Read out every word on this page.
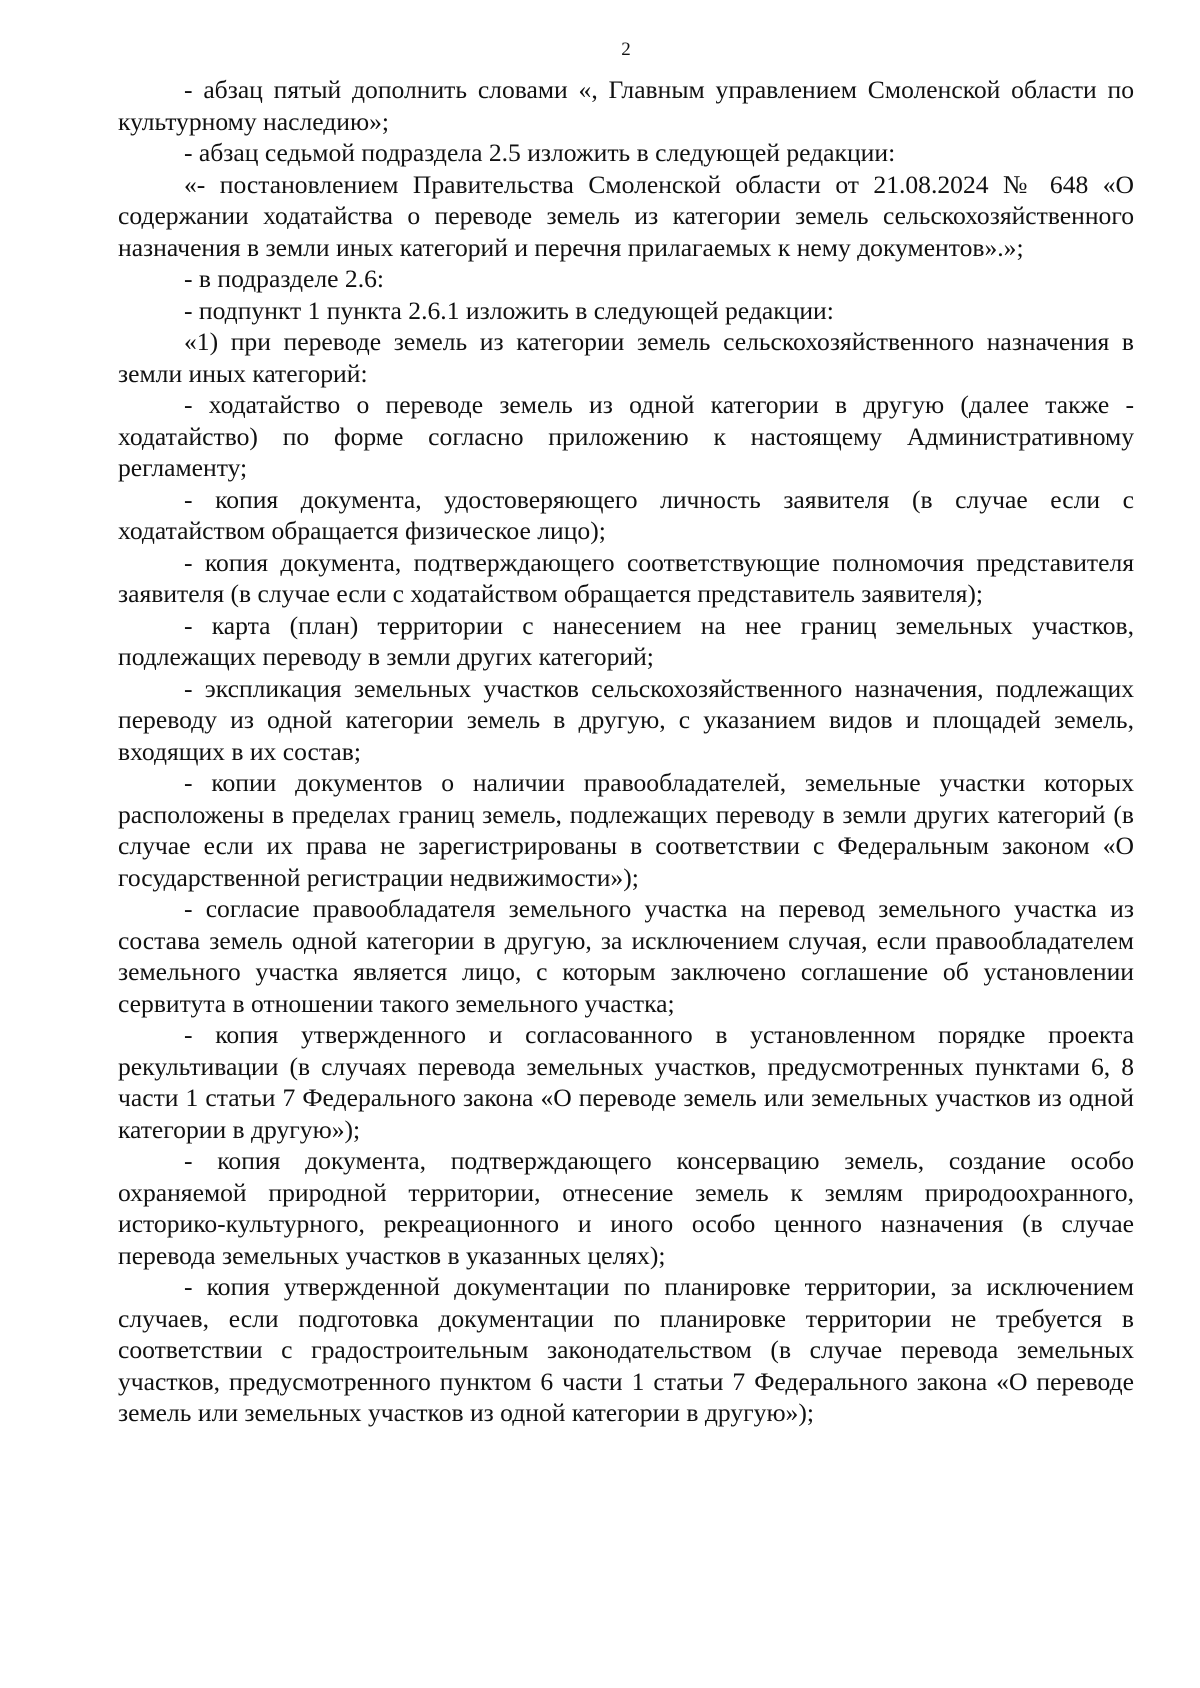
2

- абзац пятый дополнить словами «, Главным управлением Смоленской области по культурному наследию»;

- абзац седьмой подраздела 2.5 изложить в следующей редакции:

«- постановлением Правительства Смоленской области от 21.08.2024 № 648 «О содержании ходатайства о переводе земель из категории земель сельскохозяйственного назначения в земли иных категорий и перечня прилагаемых к нему документов».»;

- в подразделе 2.6:

- подпункт 1 пункта 2.6.1 изложить в следующей редакции:

«1) при переводе земель из категории земель сельскохозяйственного назначения в земли иных категорий:

- ходатайство о переводе земель из одной категории в другую (далее также - ходатайство) по форме согласно приложению к настоящему Административному регламенту;

- копия документа, удостоверяющего личность заявителя (в случае если с ходатайством обращается физическое лицо);

- копия документа, подтверждающего соответствующие полномочия представителя заявителя (в случае если с ходатайством обращается представитель заявителя);

- карта (план) территории с нанесением на нее границ земельных участков, подлежащих переводу в земли других категорий;

- экспликация земельных участков сельскохозяйственного назначения, подлежащих переводу из одной категории земель в другую, с указанием видов и площадей земель, входящих в их состав;

- копии документов о наличии правообладателей, земельные участки которых расположены в пределах границ земель, подлежащих переводу в земли других категорий (в случае если их права не зарегистрированы в соответствии с Федеральным законом «О государственной регистрации недвижимости»);

- согласие правообладателя земельного участка на перевод земельного участка из состава земель одной категории в другую, за исключением случая, если правообладателем земельного участка является лицо, с которым заключено соглашение об установлении сервитута в отношении такого земельного участка;

- копия утвержденного и согласованного в установленном порядке проекта рекультивации (в случаях перевода земельных участков, предусмотренных пунктами 6, 8 части 1 статьи 7 Федерального закона «О переводе земель или земельных участков из одной категории в другую»);

- копия документа, подтверждающего консервацию земель, создание особо охраняемой природной территории, отнесение земель к землям природоохранного, историко-культурного, рекреационного и иного особо ценного назначения (в случае перевода земельных участков в указанных целях);

- копия утвержденной документации по планировке территории, за исключением случаев, если подготовка документации по планировке территории не требуется в соответствии с градостроительным законодательством (в случае перевода земельных участков, предусмотренного пунктом 6 части 1 статьи 7 Федерального закона «О переводе земель или земельных участков из одной категории в другую»);
